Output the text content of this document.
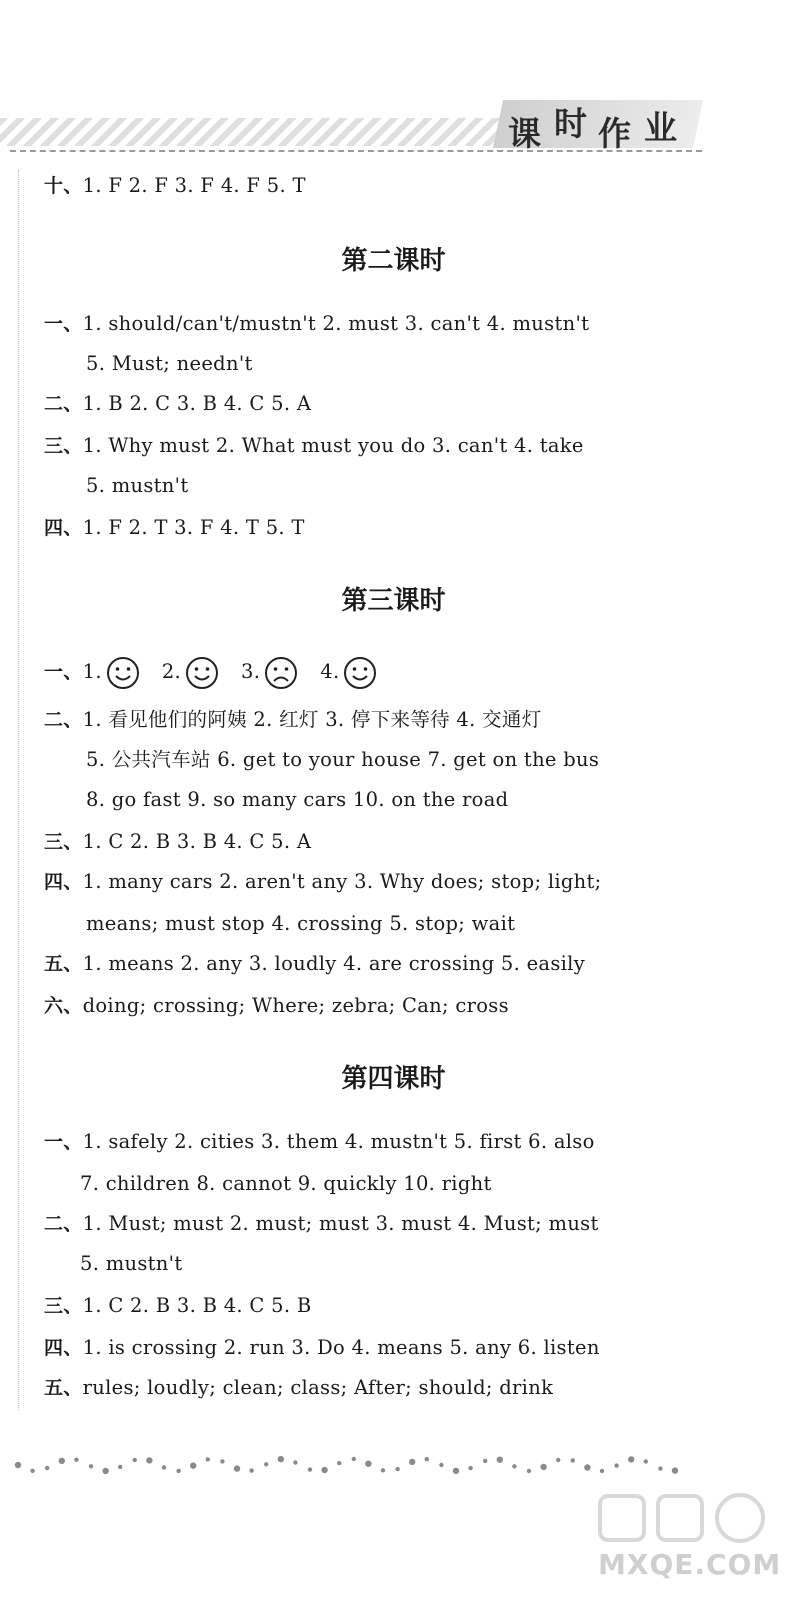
课 时 作 业
十、1. F 2. F 3. F 4. F 5. T
第二课时
一、1. should/can't/mustn't 2. must 3. can't 4. mustn't
5. Must; needn't
二、1. B 2. C 3. B 4. C 5. A
三、1. Why must 2. What must you do 3. can't 4. take
5. mustn't
四、1. F 2. T 3. F 4. T 5. T
第三课时
一、1.	2.	3.	4.
二、1. 看见他们的阿姨 2. 红灯 3. 停下来等待 4. 交通灯
5. 公共汽车站 6. get to your house 7. get on the bus
8. go fast 9. so many cars 10. on the road
三、1. C 2. B 3. B 4. C 5. A
四、1. many cars 2. aren't any 3. Why does; stop; light;
means; must stop 4. crossing 5. stop; wait
五、1. means 2. any 3. loudly 4. are crossing 5. easily
六、doing; crossing; Where; zebra; Can; cross
第四课时
一、1. safely 2. cities 3. them 4. mustn't 5. first 6. also
7. children 8. cannot 9. quickly 10. right
二、1. Must; must 2. must; must 3. must 4. Must; must
5. mustn't
三、1. C 2. B 3. B 4. C 5. B
四、1. is crossing 2. run 3. Do 4. means 5. any 6. listen
五、rules; loudly; clean; class; After; should; drink
MXQE.COM
